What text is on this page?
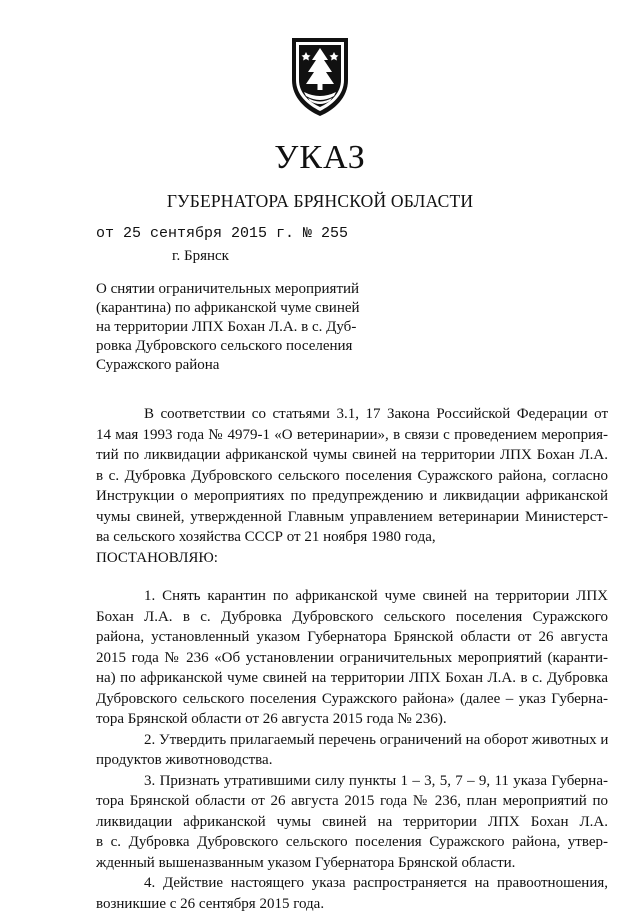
УКАЗ
ГУБЕРНАТОРА БРЯНСКОЙ ОБЛАСТИ
от 25 сентября 2015 г. № 255
г. Брянск
О снятии ограничительных мероприятий
(карантина) по африканской чуме свиней
на территории ЛПХ Бохан Л.А. в с. Дуб-
ровка Дубровского сельского поселения
Суражского района
В соответствии со статьями 3.1, 17 Закона Российской Федерации от
14 мая 1993 года № 4979-1 «О ветеринарии», в связи с проведением мероприя-
тий по ликвидации африканской чумы свиней на территории ЛПХ Бохан Л.А.
в с. Дубровка Дубровского сельского поселения Суражского района, согласно
Инструкции о мероприятиях по предупреждению и ликвидации африканской
чумы свиней, утвержденной Главным управлением ветеринарии Министерст-
ва сельского хозяйства СССР от 21 ноября 1980 года,
ПОСТАНОВЛЯЮ:
1. Снять карантин по африканской чуме свиней на территории ЛПХ
Бохан Л.А. в с. Дубровка Дубровского сельского поселения Суражского
района, установленный указом Губернатора Брянской области от 26 августа
2015 года № 236 «Об установлении ограничительных мероприятий (каранти-
на) по африканской чуме свиней на территории ЛПХ Бохан Л.А. в с. Дубровка
Дубровского сельского поселения Суражского района» (далее – указ Губерна-
тора Брянской области от 26 августа 2015 года № 236).
2. Утвердить прилагаемый перечень ограничений на оборот животных и
продуктов животноводства.
3. Признать утратившими силу пункты 1 – 3, 5, 7 – 9, 11 указа Губерна-
тора Брянской области от 26 августа 2015 года № 236, план мероприятий по
ликвидации африканской чумы свиней на территории ЛПХ Бохан Л.А.
в с. Дубровка Дубровского сельского поселения Суражского района, утвер-
жденный вышеназванным указом Губернатора Брянской области.
4. Действие настоящего указа распространяется на правоотношения,
возникшие с 26 сентября 2015 года.
